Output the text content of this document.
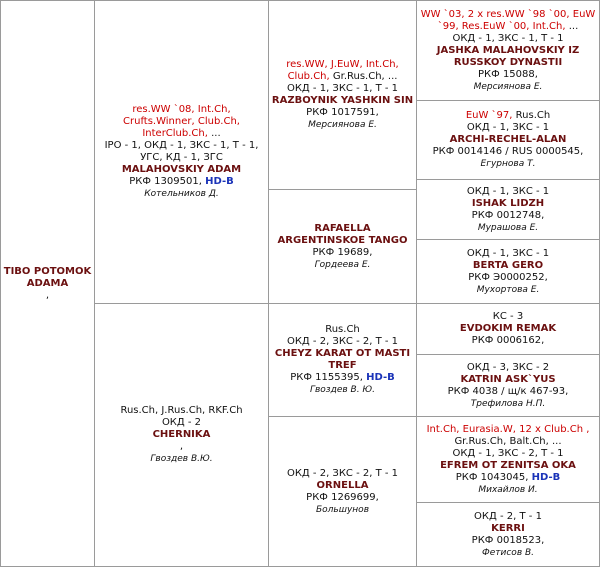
TIBO POTOMOK ADAMA
,
res.WW `08, Int.Ch, Crufts.Winner, Club.Ch, InterClub.Ch, ...
IPO - 1, ОКД - 1, ЗКС - 1, Т - 1, УГС, КД - 1, ЗГС
MALAHOVSKIY ADAM
РКФ 1309501, HD-B
Котельников Д.
Rus.Ch, J.Rus.Ch, RKF.Ch
ОКД - 2
CHERNIKA
,
Гвоздев В.Ю.
res.WW, J.EuW, Int.Ch, Club.Ch, Gr.Rus.Ch, ...
ОКД - 1, ЗКС - 1, Т - 1
RAZBOYNIK YASHKIN SIN
РКФ 1017591,
Мерсиянова Е.
RAFAELLA ARGENTINSKOE TANGO
РКФ 19689,
Гордеева Е.
Rus.Ch
ОКД - 2, ЗКС - 2, Т - 1
CHEYZ KARAT OT MASTI TREF
РКФ 1155395, HD-B
Гвоздев В. Ю.
ОКД - 2, ЗКС - 2, Т - 1
ORNELLA
РКФ 1269699,
Большунов
WW `03, 2 x res.WW `98 `00, EuW `99, Res.EuW `00, Int.Ch, ...
ОКД - 1, ЗКС - 1, Т - 1
JASHKA MALAHOVSKIY IZ RUSSKOY DYNASTII
РКФ 15088,
Мерсиянова Е.
EuW `97, Rus.Ch
ОКД - 1, ЗКС - 1
ARCHI-RECHEL-ALAN
РКФ 0014146 / RUS 0000545,
Егурнова Т.
ОКД - 1, ЗКС - 1
ISHAK LIDZH
РКФ 0012748,
Мурашова Е.
ОКД - 1, ЗКС - 1
BERTA GERO
РКФ Э0000252,
Мухортова Е.
КС - 3
EVDOKIM REMAK
РКФ 0006162,
ОКД - 3, ЗКС - 2
KATRIN ASK`YUS
РКФ 4038 / щ/к 467-93,
Трефилова Н.П.
Int.Ch, Eurasia.W, 12 x Club.Ch ,
Gr.Rus.Ch, Balt.Ch, ...
ОКД - 1, ЗКС - 2, Т - 1
EFREM OT ZENITSA OKA
РКФ 1043045, HD-B
Михайлов И.
ОКД - 2, Т - 1
KERRI
РКФ 0018523,
Фетисов В.
